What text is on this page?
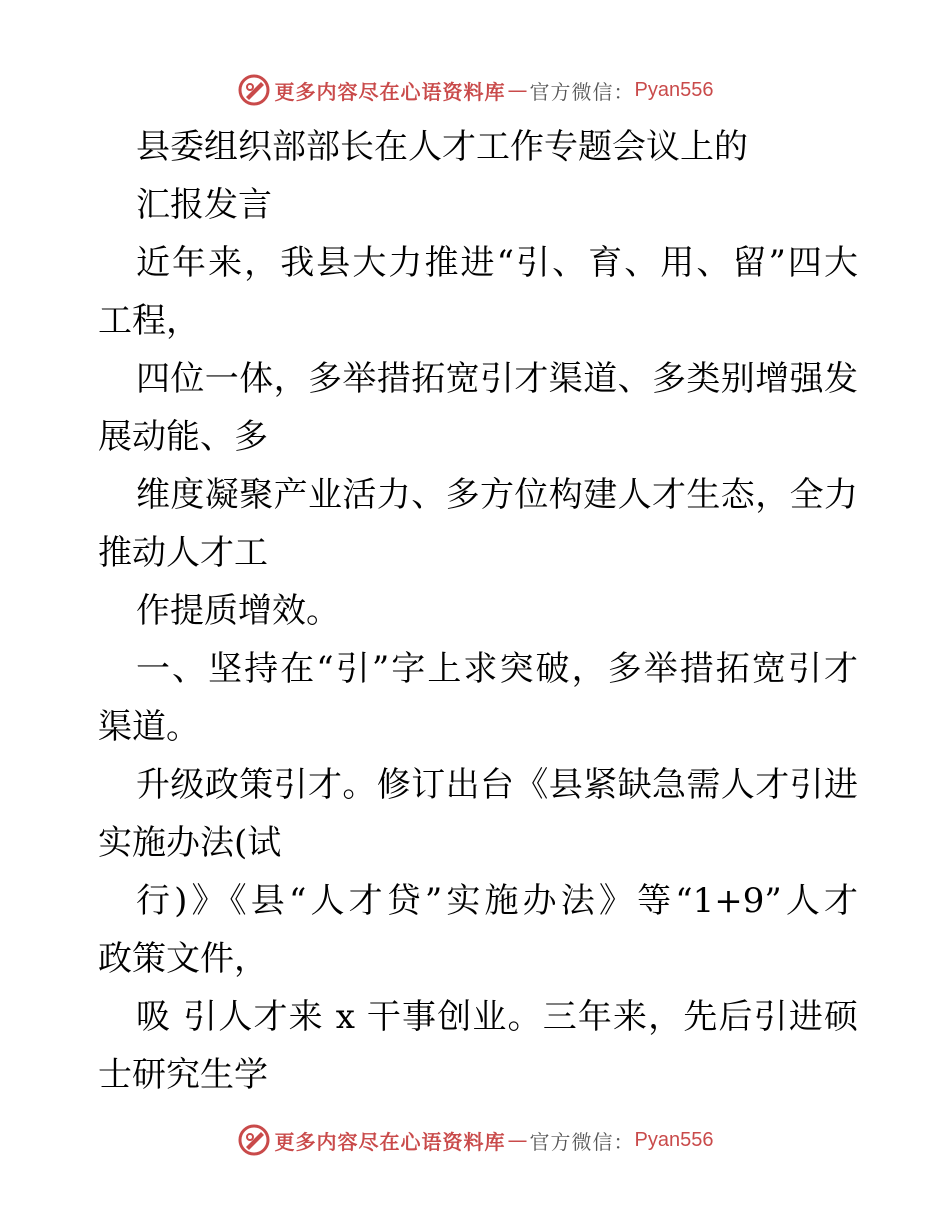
更多内容尽在心语资料库 — 官方微信： Pyan556
县委组织部部长在人才工作专题会议上的
汇报发言
近年来，我县大力推进“引、育、用、留”四大
工程，
四位一体，多举措拓宽引才渠道、多类别增强发
展动能、多
维度凝聚产业活力、多方位构建人才生态，全力
推动人才工
作提质增效。
一、坚持在“引”字上求突破，多举措拓宽引才
渠道。
升级政策引才。修订出台《县紧缺急需人才引进
实施办法(试
行)》《县“人才贷”实施办法》等“1+9”人才
政策文件，
吸 引人才来 x 干事创业。三年来，先后引进硕
士研究生学
更多内容尽在心语资料库 — 官方微信： Pyan556
